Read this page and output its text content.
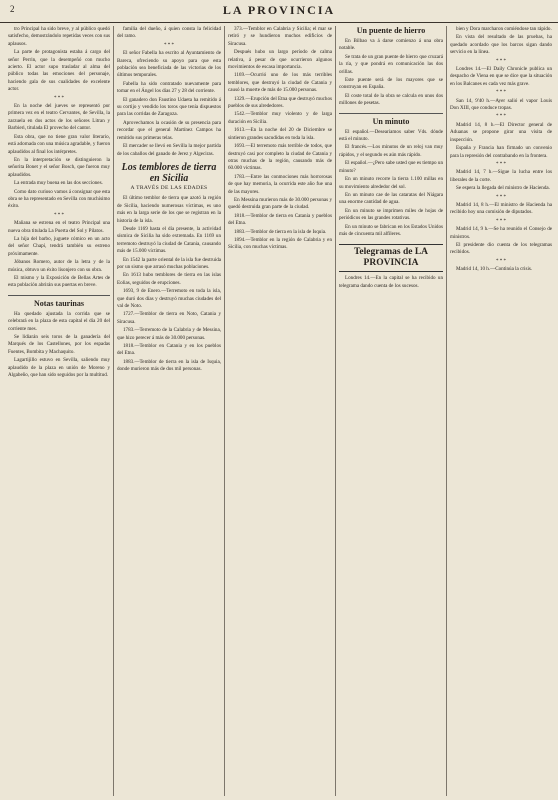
2	LA PROVINCIA

tro Principal ha sido breve, y al público quedó satisfecho, demostrándolo repetidas veces con sus aplausos.

La parte de protagonista estaba á cargo del señor Perrin, que la desempeñó con mucho acierto. El actor supo trasladar al alma del público todas las emociones del personaje, haciendo gala de sus cualidades de excelente actor.

* * *

En la noche del jueves se representó por primera vez en el teatro Cervantes, de Sevilla, la zarzuela en dos actos de los señores Litran y Barbieri, titulada El provecho del cantor.

Esta obra, que no tiene gran valor literario, está adornada con una música agradable, y fueron aplaudidos al final los intérpretes.

En la interpretación se distinguieron la señorita Bonet y el señor Bosch, que fueron muy aplaudidos.

La entrada muy buena en las dos secciones.

Como dato curioso vamos á consignar que esta obra se ha representado en Sevilla con muchísimo éxito.

* * *

Mañana se estrena en el teatro Principal una nueva obra titulada La Puerta del Sol y Pilatos.

La hija del barbo, juguete cómico en un acto del señor Chapí, tendrá también su estreno próximamente.

Jóbanos Romero, autor de la letra y de la música, obtuvo un éxito lisonjero con su obra.

El mismo y la Exposición de Bellas Artes de esta población abrirán sus puertas en breve.

Notas taurinas

Ha quedado ajustada la corrida que se celebrará en la plaza de esta capital el día 20 del corriente mes.

Se lidiarán seis toros de la ganadería del Marqués de los Castellones, por los espadas Fuentes, Bombita y Machaquito.

Lagartijillo estuvo en Sevilla, saliendo muy aplaudido de la plaza en unión de Moreno y Algabeño, que han sido seguidos por la multitud.

familia del dueño, á quien consta la felicidad del ramo.

* * *

El señor Fabella ha escrito al Ayuntamiento de Bareca, ofreciendo su apoyo para que esta población sea beneficiada de las victorias de los últimos temporales.

Fabella ha sido contratado nuevamente para tomar en el Ángel los días 27 y 28 del corriente.

El ganadero don Faustino Udaeta ha remitido á su cortijo y vendido los toros que tenía dispuestos para las corridas de Zaragoza.

Aprovechamos la ocasión de su presencia para recordar que el general Martínez Campos ha remitido sus primeras telas.

El mercader se llevó en Sevilla la mejor partida de los caballos del ganado de Jerez y Algeciras.

Los temblores de tierra en Sicilia
A TRAVÉS DE LAS EDADES

El último temblor de tierra que azotó la región de Sicilia, haciendo numerosas víctimas, es uno más en la larga serie de los que se registran en la historia de la isla.

Desde 1169 hasta el día presente, la actividad sísmica de Sicilia ha sido extremada. En 1169 un terremoto destruyó la ciudad de Catania, causando más de 15.000 víctimas.

En 1542 la parte oriental de la isla fue destruida por un sismo que arrasó muchas poblaciones.

En 1613 hubo temblores de tierra en las islas Eolias, seguidos de erupciones.

1693, 9 de Enero.—Terremoto en toda la isla, que duró dos días y destruyó muchas ciudades del val de Noto.

1727.—Temblor de tierra en Noto, Catania y Siracusa.

1783.—Terremoto de la Calabria y de Messina, que hizo perecer á más de 30.000 personas.

1818.—Temblor en Catania y en los pueblos del Etna.

1883.—Temblor de tierra en la isla de Isquia, donde murieron más de dos mil personas.

373.—Temblor en Calabria y Sicilia; el mar se retiró y se hundieron muchos edificios de Siracusa.

Después hubo un largo período de calma relativa, á pesar de que ocurrieron algunos movimientos de escasa importancia.

1169.—Ocurrió uno de los más terribles temblores, que destruyó la ciudad de Catania y causó la muerte de más de 15.000 personas.

1329.—Erupción del Etna que destruyó muchos pueblos de sus alrededores.

1542.—Temblor muy violento y de larga duración en Sicilia.

1613.—En la noche del 20 de Diciembre se sintieron grandes sacudidas en toda la isla.

1693.—El terremoto más terrible de todos, que destruyó casi por completo la ciudad de Catania y otras muchas de la región, causando más de 60.000 víctimas.

1783.—Entre las conmociones más horrorosas de que hay memoria, la ocurrida este año fue una de las mayores.

En Messina murieron más de 30.000 personas y quedó destruida gran parte de la ciudad.

1818.—Temblor de tierra en Catania y pueblos del Etna.

1883.—Temblor de tierra en la isla de Isquia.

1894.—Temblor en la región de Calabria y en Sicilia, con muchas víctimas.

Un puente de hierro

En Bilbao va á darse comienzo á una obra notable.

Se trata de un gran puente de hierro que cruzará la ría, y que pondrá en comunicación las dos orillas.

Este puente será de los mayores que se construyan en España.

El coste total de la obra se calcula en unos dos millones de pesetas.

Un minuto

El español.—Desearíamos saber Vds. dónde está el minuto.

El francés.—Los minutos de un reloj van muy rápidos, y el segundo es aún más rápido.

El español.—¿Pero sabe usted que es tiempo un minuto?

En un minuto recorre la tierra 1.100 millas en su movimiento alrededor del sol.

En un minuto cae de las cataratas del Niágara una enorme cantidad de agua.

En un minuto se imprimen miles de hojas de periódicos en las grandes rotativas.

En un minuto se fabrican en los Estados Unidos más de cincuenta mil alfileres.

Telegramas de LA PROVINCIA

Londres 14.—En la capital se ha recibido un telegrama dando cuenta de los sucesos.

bien y Dora marcharon comiéndose tan rápido.

En vista del resultado de las pruebas, ha quedado acordado que los barcos sigan dando servicio en la línea.

* * *

Londres 14.—El Daily Chronicle publica un despacho de Viena en que se dice que la situación en los Balcanes es cada vez más grave.

* * *

San 14, 9'40 h.—Ayer salió el vapor Louis Don XIII, que conduce tropas.

* * *

Madrid 14, 8 h.—El Director general de Aduanas se propone girar una visita de inspección.

España y Francia han firmado un convenio para la represión del contrabando en la frontera.

* * *

Madrid 14, 7 h.—Sigue la lucha entre los liberales de la corte.

Se espera la llegada del ministro de Hacienda.

* * *

Madrid 14, 8 h.—El ministro de Hacienda ha recibido hoy una comisión de diputados.

* * *

Madrid 14, 9 h.—Se ha reunido el Consejo de ministros.

El presidente dio cuenta de los telegramas recibidos.

* * *

Madrid 14, 10 h.—Continúa la crisis.
